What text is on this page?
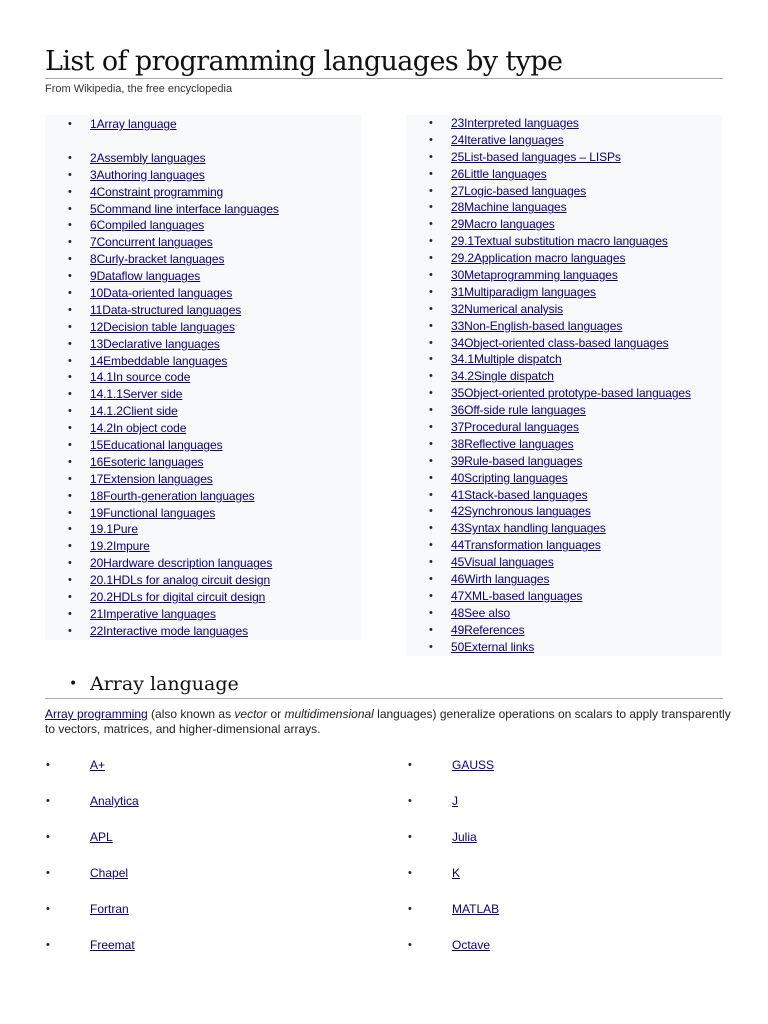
List of programming languages by type
From Wikipedia, the free encyclopedia
• 1Array language
• 2Assembly languages
• 3Authoring languages
• 4Constraint programming
• 5Command line interface languages
• 6Compiled languages
• 7Concurrent languages
• 8Curly-bracket languages
• 9Dataflow languages
• 10Data-oriented languages
• 11Data-structured languages
• 12Decision table languages
• 13Declarative languages
• 14Embeddable languages
• 14.1In source code
• 14.1.1Server side
• 14.1.2Client side
• 14.2In object code
• 15Educational languages
• 16Esoteric languages
• 17Extension languages
• 18Fourth-generation languages
• 19Functional languages
• 19.1Pure
• 19.2Impure
• 20Hardware description languages
• 20.1HDLs for analog circuit design
• 20.2HDLs for digital circuit design
• 21Imperative languages
• 22Interactive mode languages
• 23Interpreted languages
• 24Iterative languages
• 25List-based languages – LISPs
• 26Little languages
• 27Logic-based languages
• 28Machine languages
• 29Macro languages
• 29.1Textual substitution macro languages
• 29.2Application macro languages
• 30Metaprogramming languages
• 31Multiparadigm languages
• 32Numerical analysis
• 33Non-English-based languages
• 34Object-oriented class-based languages
• 34.1Multiple dispatch
• 34.2Single dispatch
• 35Object-oriented prototype-based languages
• 36Off-side rule languages
• 37Procedural languages
• 38Reflective languages
• 39Rule-based languages
• 40Scripting languages
• 41Stack-based languages
• 42Synchronous languages
• 43Syntax handling languages
• 44Transformation languages
• 45Visual languages
• 46Wirth languages
• 47XML-based languages
• 48See also
• 49References
• 50External links
• Array language

Array programming (also known as vector or multidimensional languages) generalize operations on scalars to apply transparently to vectors, matrices, and higher-dimensional arrays.

• A+
• Analytica
• APL
• Chapel
• Fortran
• Freemat
• GAUSS
• J
• Julia
• K
• MATLAB
• Octave
